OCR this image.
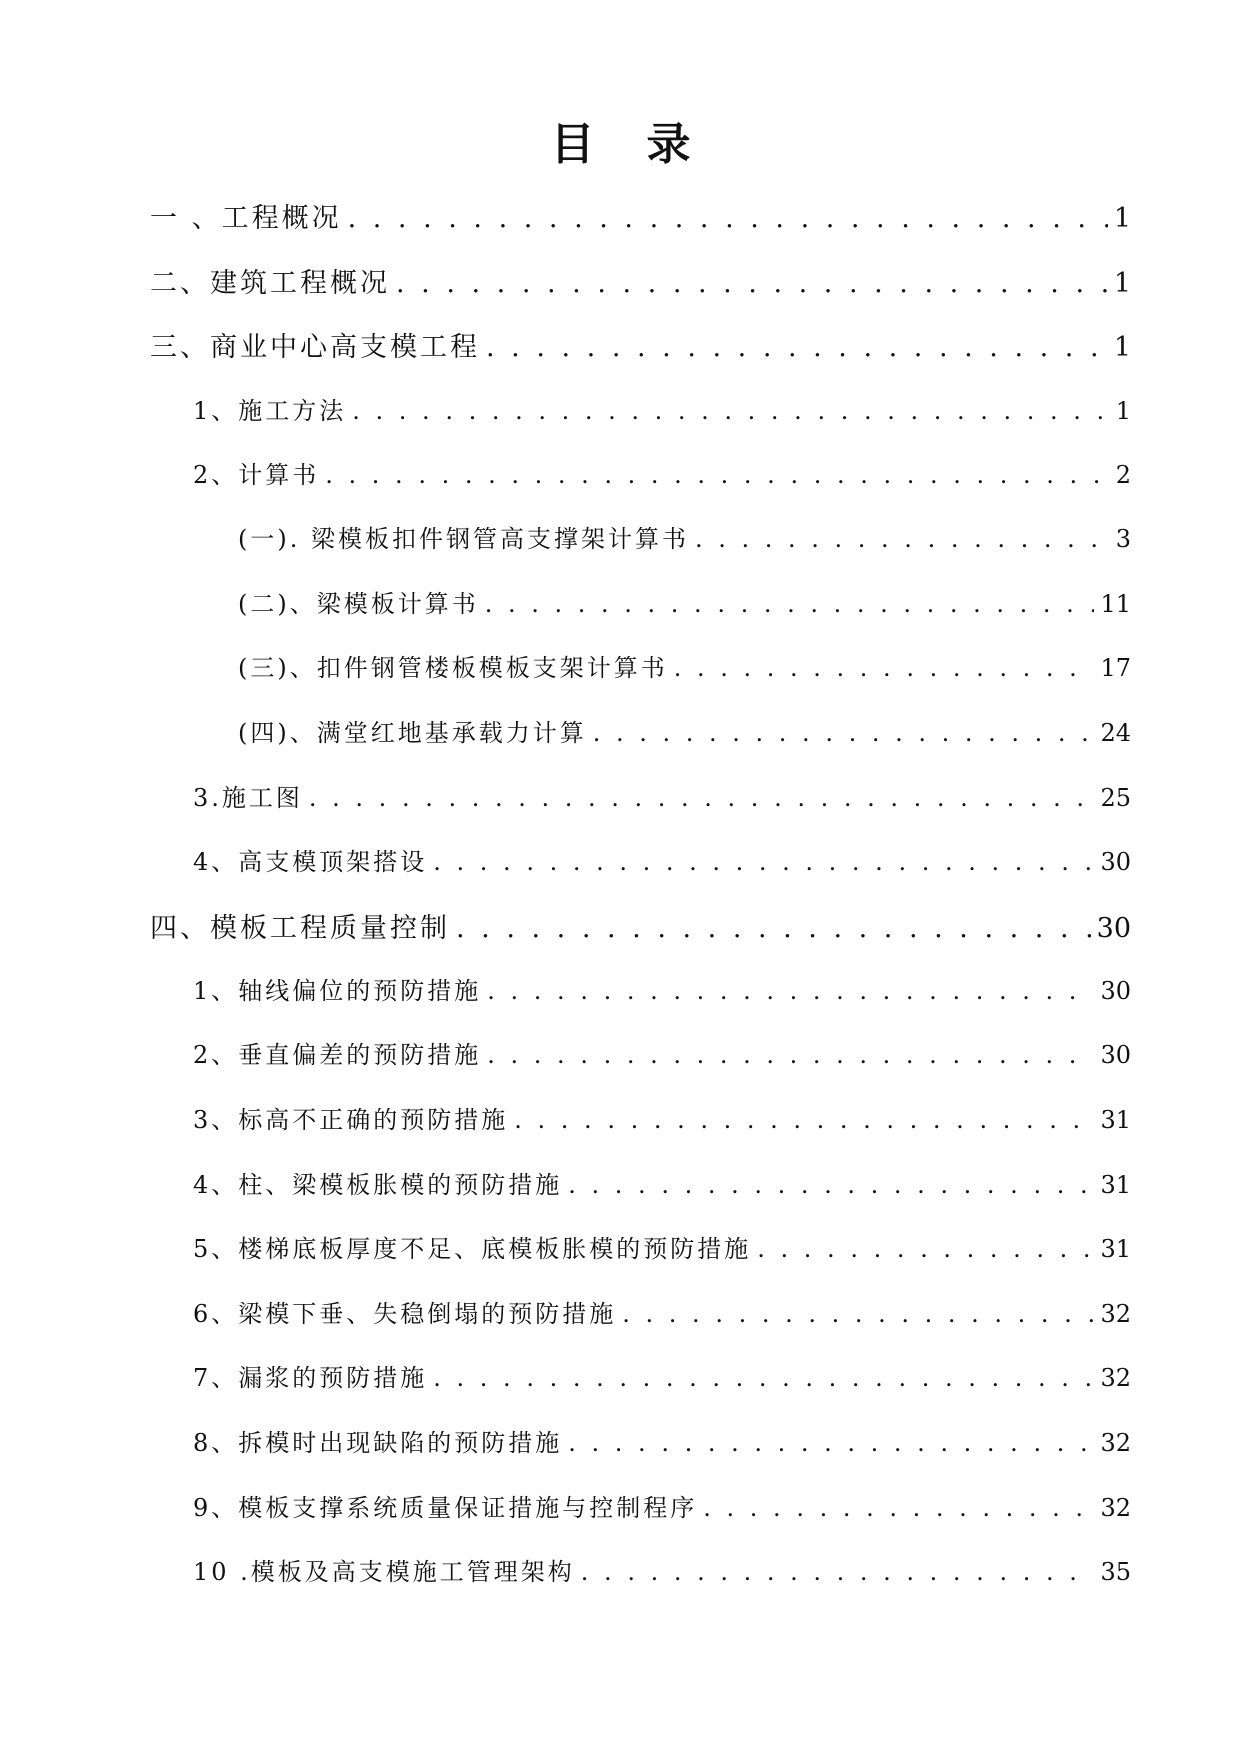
目录
一 、工程概况 . . .	1
二、建筑工程概况 . . .	1
三、商业中心高支模工程 . . .	1
1、施工方法 . . .	1
2、计算书 . . .	2
(一). 梁模板扣件钢管高支撑架计算书 . . .	3
(二)、梁模板计算书 . . .	11
(三)、扣件钢管楼板模板支架计算书 . . .	17
(四)、满堂红地基承载力计算 . . .	24
3.施工图 . . .	25
4、高支模顶架搭设 . . .	30
四、模板工程质量控制 . . .	30
1、轴线偏位的预防措施 . . .	30
2、垂直偏差的预防措施 . . .	30
3、标高不正确的预防措施 . . .	31
4、柱、梁模板胀模的预防措施 . . .	31
5、楼梯底板厚度不足、底模板胀模的预防措施 . . .	31
6、梁模下垂、失稳倒塌的预防措施 . . .	32
7、漏浆的预防措施 . . .	32
8、拆模时出现缺陷的预防措施 . . .	32
9、模板支撑系统质量保证措施与控制程序 . . .	32
10 .模板及高支模施工管理架构 . . .	35
